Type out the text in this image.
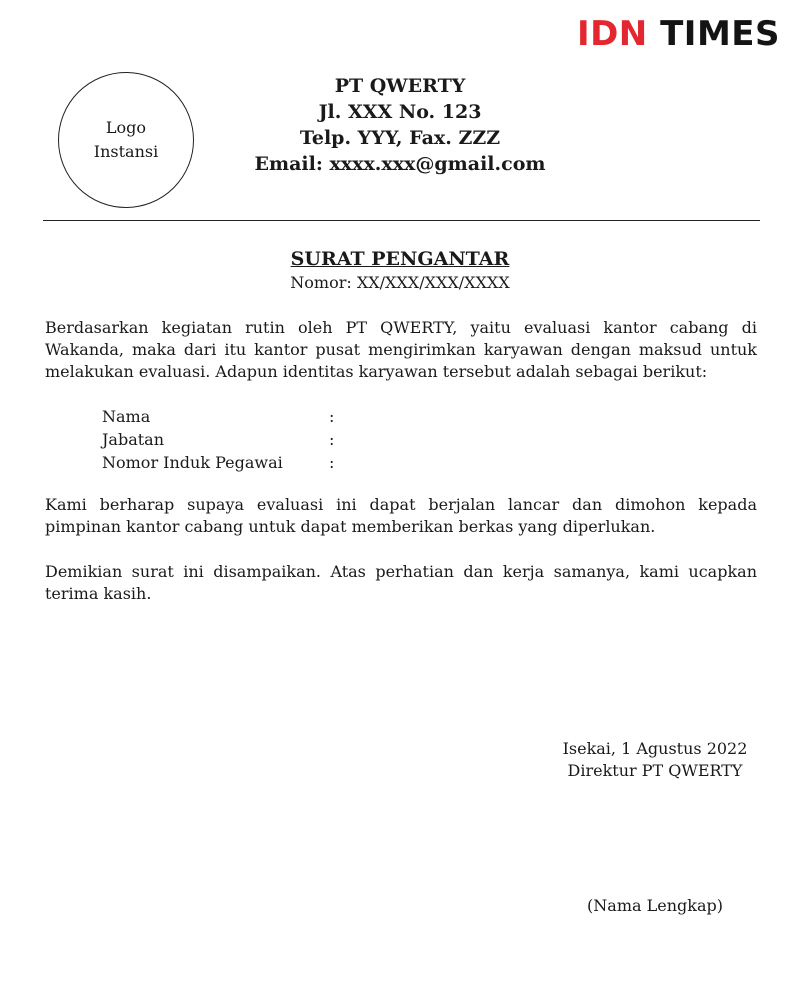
IDN TIMES
Logo
Instansi
PT QWERTY
Jl. XXX No. 123
Telp. YYY, Fax. ZZZ
Email: xxxx.xxx@gmail.com
SURAT PENGANTAR
Nomor: XX/XXX/XXX/XXXX
Berdasarkan kegiatan rutin oleh PT QWERTY, yaitu evaluasi kantor cabang di Wakanda, maka dari itu kantor pusat mengirimkan karyawan dengan maksud untuk melakukan evaluasi. Adapun identitas karyawan tersebut adalah sebagai berikut:
Nama	:
Jabatan	:
Nomor Induk Pegawai	:
Kami berharap supaya evaluasi ini dapat berjalan lancar dan dimohon kepada pimpinan kantor cabang untuk dapat memberikan berkas yang diperlukan.
Demikian surat ini disampaikan. Atas perhatian dan kerja samanya, kami ucapkan terima kasih.
Isekai, 1 Agustus 2022
Direktur PT QWERTY
(Nama Lengkap)
